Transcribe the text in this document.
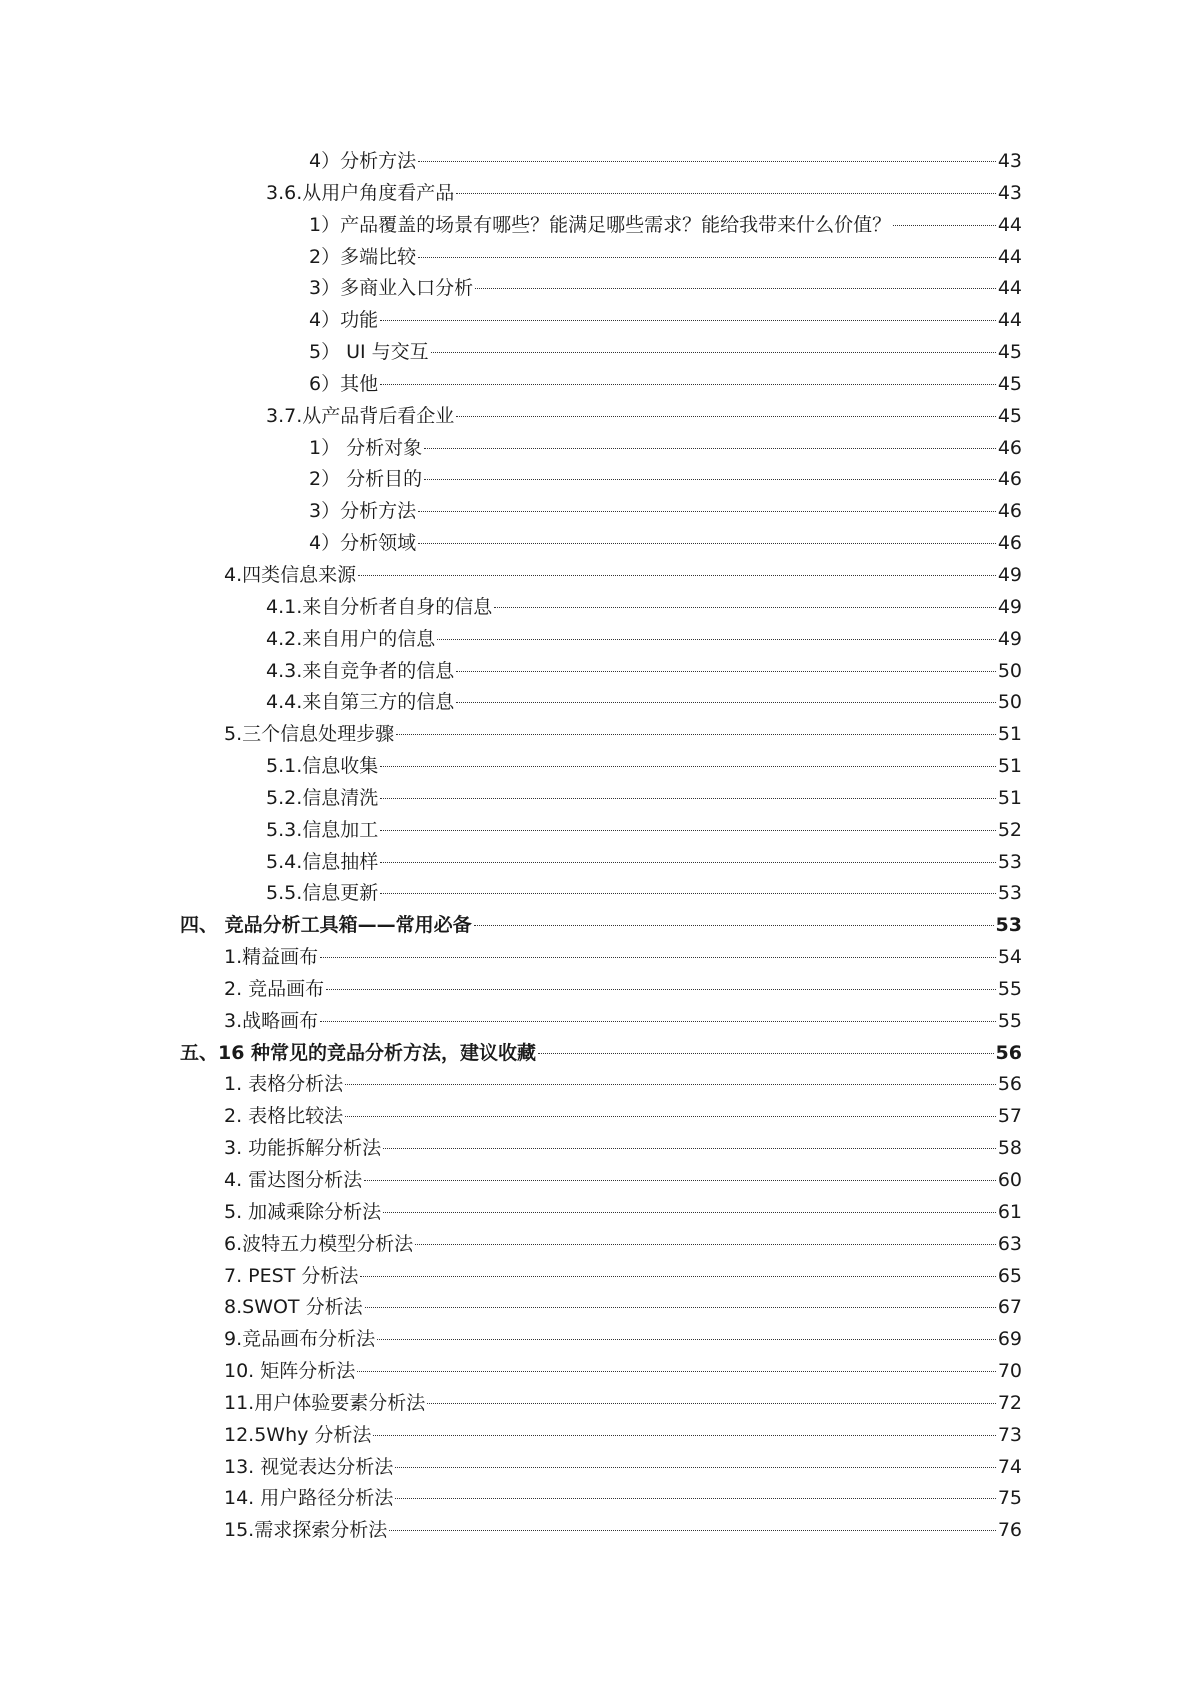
4）分析方法	43
3.6.从用户角度看产品	43
1）产品覆盖的场景有哪些？能满足哪些需求？能给我带来什么价值？	44
2）多端比较	44
3）多商业入口分析	44
4）功能	44
5） UI 与交互	45
6）其他	45
3.7.从产品背后看企业	45
1） 分析对象	46
2） 分析目的	46
3）分析方法	46
4）分析领域	46
4.四类信息来源	49
4.1.来自分析者自身的信息	49
4.2.来自用户的信息	49
4.3.来自竞争者的信息	50
4.4.来自第三方的信息	50
5.三个信息处理步骤	51
5.1.信息收集	51
5.2.信息清洗	51
5.3.信息加工	52
5.4.信息抽样	53
5.5.信息更新	53
四、 竞品分析工具箱——常用必备	53
1.精益画布	54
2. 竞品画布	55
3.战略画布	55
五、16 种常见的竞品分析方法，建议收藏	56
1. 表格分析法	56
2. 表格比较法	57
3. 功能拆解分析法	58
4. 雷达图分析法	60
5. 加减乘除分析法	61
6.波特五力模型分析法	63
7. PEST 分析法	65
8.SWOT 分析法	67
9.竞品画布分析法	69
10. 矩阵分析法	70
11.用户体验要素分析法	72
12.5Why 分析法	73
13. 视觉表达分析法	74
14. 用户路径分析法	75
15.需求探索分析法	76
